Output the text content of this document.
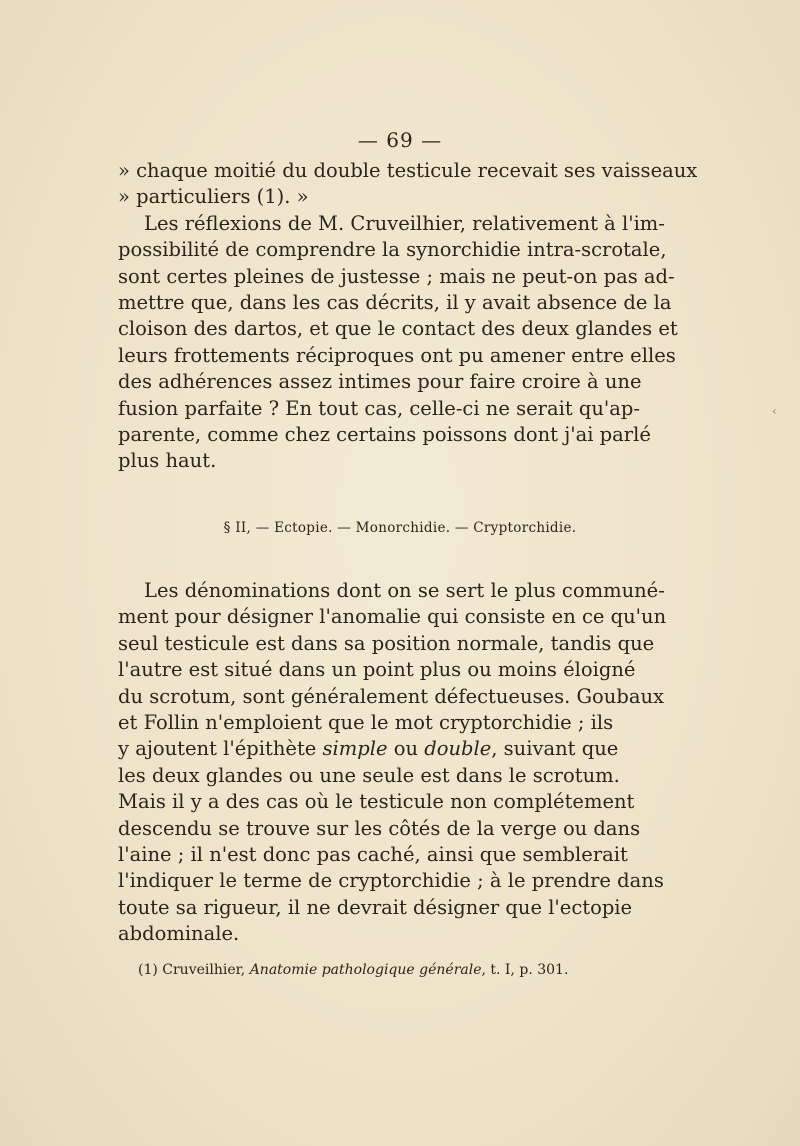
— 69 —
» chaque moitié du double testicule recevait ses vaisseaux
» particuliers (1). »
Les réflexions de M. Cruveilhier, relativement à l'im-
possibilité de comprendre la synorchidie intra-scrotale,
sont certes pleines de justesse ; mais ne peut-on pas ad-
mettre que, dans les cas décrits, il y avait absence de la
cloison des dartos, et que le contact des deux glandes et
leurs frottements réciproques ont pu amener entre elles
des adhérences assez intimes pour faire croire à une
fusion parfaite ? En tout cas, celle-ci ne serait qu'ap-
parente, comme chez certains poissons dont j'ai parlé
plus haut.
§ II, — Ectopie. — Monorchidie. — Cryptorchidie.
Les dénominations dont on se sert le plus communé-
ment pour désigner l'anomalie qui consiste en ce qu'un
seul testicule est dans sa position normale, tandis que
l'autre est situé dans un point plus ou moins éloigné
du scrotum, sont généralement défectueuses. Goubaux
et Follin n'emploient que le mot cryptorchidie ; ils
y ajoutent l'épithète simple ou double, suivant que
les deux glandes ou une seule est dans le scrotum.
Mais il y a des cas où le testicule non complétement
descendu se trouve sur les côtés de la verge ou dans
l'aine ; il n'est donc pas caché, ainsi que semblerait
l'indiquer le terme de cryptorchidie ; à le prendre dans
toute sa rigueur, il ne devrait désigner que l'ectopie
abdominale.
(1) Cruveilhier, Anatomie pathologique générale, t. I, p. 301.
‹
